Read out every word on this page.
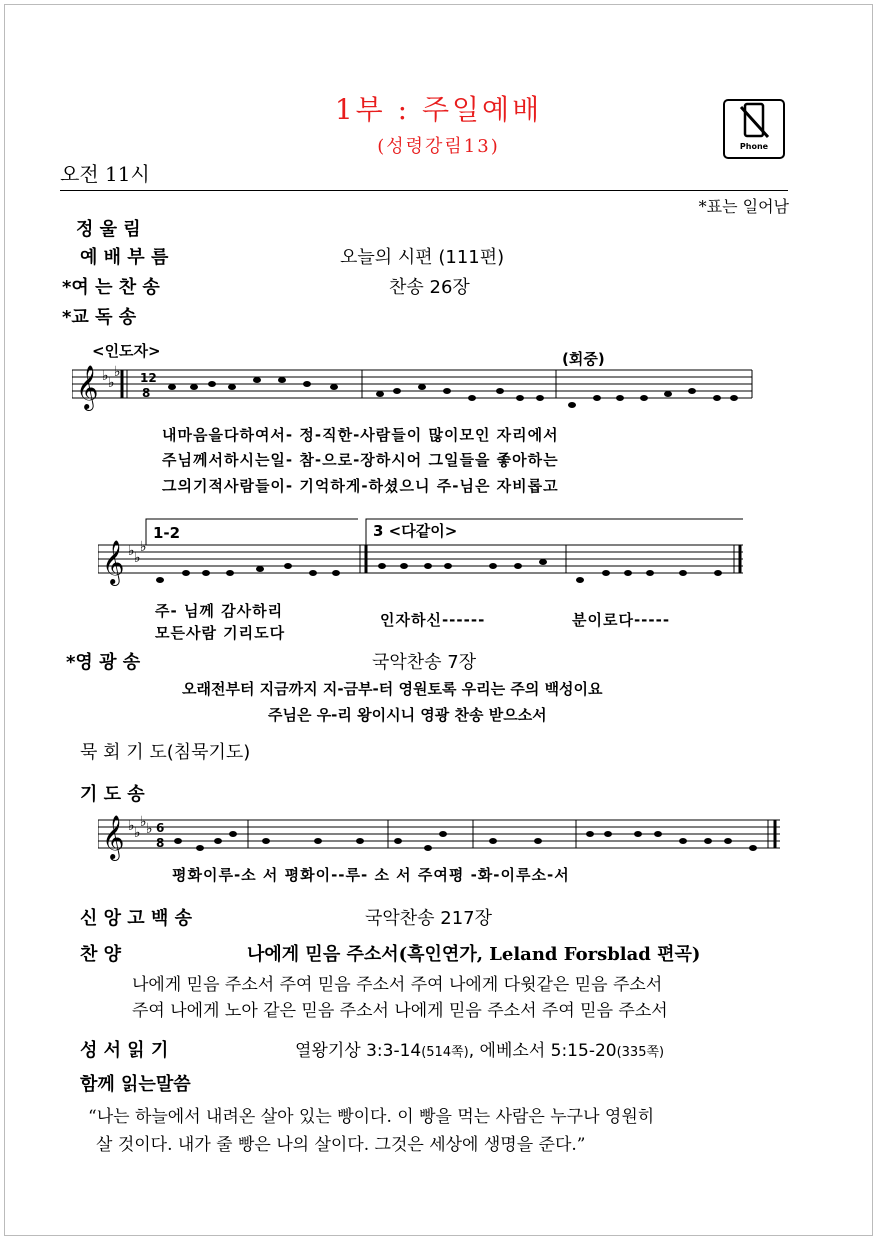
1부 : 주일예배
(성령강림13)	Phone
오전 11시
*표는 일어남
정 울 림
예 배 부 름	오늘의 시편 (111편)
*여 는 찬 송	찬송 26장
*교 독 송
<인도자>	(회중)
𝄞 ♭ ♭
♭ 12
8
내마음을다하여서- 정-직한-사람들이 많이모인 자리에서
주님께서하시는일- 참-으로-장하시어 그일들을 좋아하는
그의기적사람들이- 기억하게-하셨으니 주-님은 자비롭고
1-2	3 <다같이>
𝄞 ♭ ♭
♭
주- 님께 감사하리
모든사람 기리도다
인자하신------	분이로다-----
*영 광 송	국악찬송 7장
오래전부터 지금까지 지-금부-터 영원토록 우리는 주의 백성이요
주님은 우-리 왕이시니 영광 찬송 받으소서
묵 회 기 도(침묵기도)
기 도 송
𝄞 ♭ ♭
♭ ♭ 6
8
평화이루-소 서 평화이--루- 소 서 주여평 -화-이루소-서
신 앙 고 백 송	국악찬송 217장
찬 양	나에게 믿음 주소서(흑인연가, Leland Forsblad 편곡)
나에게 믿음 주소서 주여 믿음 주소서 주여 나에게 다윗같은 믿음 주소서
주여 나에게 노아 같은 믿음 주소서 나에게 믿음 주소서 주여 믿음 주소서
성 서 읽 기	열왕기상 3:3-14(514쪽), 에베소서 5:15-20(335쪽)
함께 읽는말씀
“나는 하늘에서 내려온 살아 있는 빵이다. 이 빵을 먹는 사람은 누구나 영원히
살 것이다. 내가 줄 빵은 나의 살이다. 그것은 세상에 생명을 준다.”
